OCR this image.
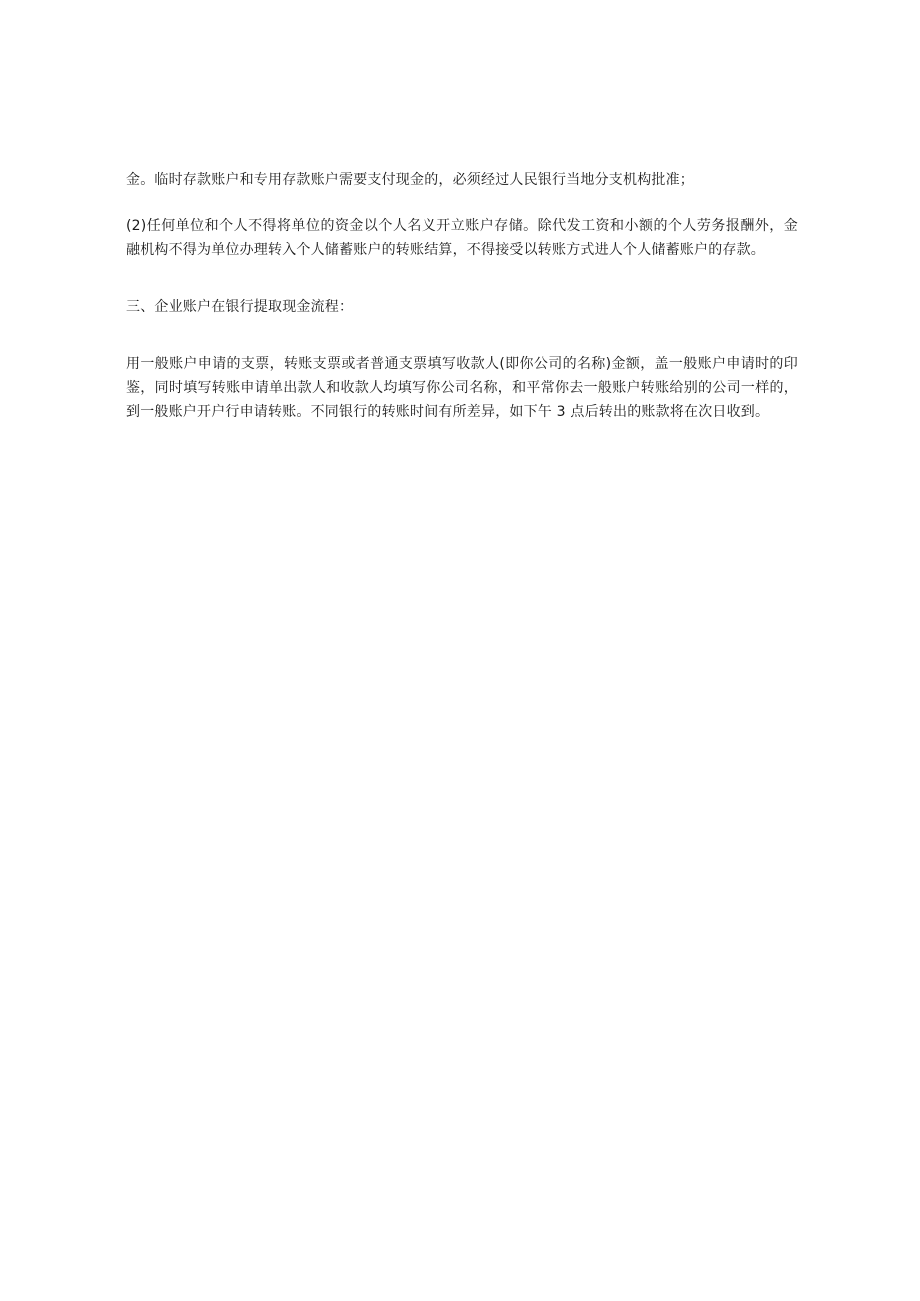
金。临时存款账户和专用存款账户需要支付现金的，必须经过人民银行当地分支机构批准；

(2)任何单位和个人不得将单位的资金以个人名义开立账户存储。除代发工资和小额的个人劳务报酬外，金融机构不得为单位办理转入个人储蓄账户的转账结算，不得接受以转账方式进人个人储蓄账户的存款。

三、企业账户在银行提取现金流程：

用一般账户申请的支票，转账支票或者普通支票填写收款人(即你公司的名称)金额，盖一般账户申请时的印鉴，同时填写转账申请单出款人和收款人均填写你公司名称，和平常你去一般账户转账给别的公司一样的，到一般账户开户行申请转账。不同银行的转账时间有所差异，如下午 3 点后转出的账款将在次日收到。
